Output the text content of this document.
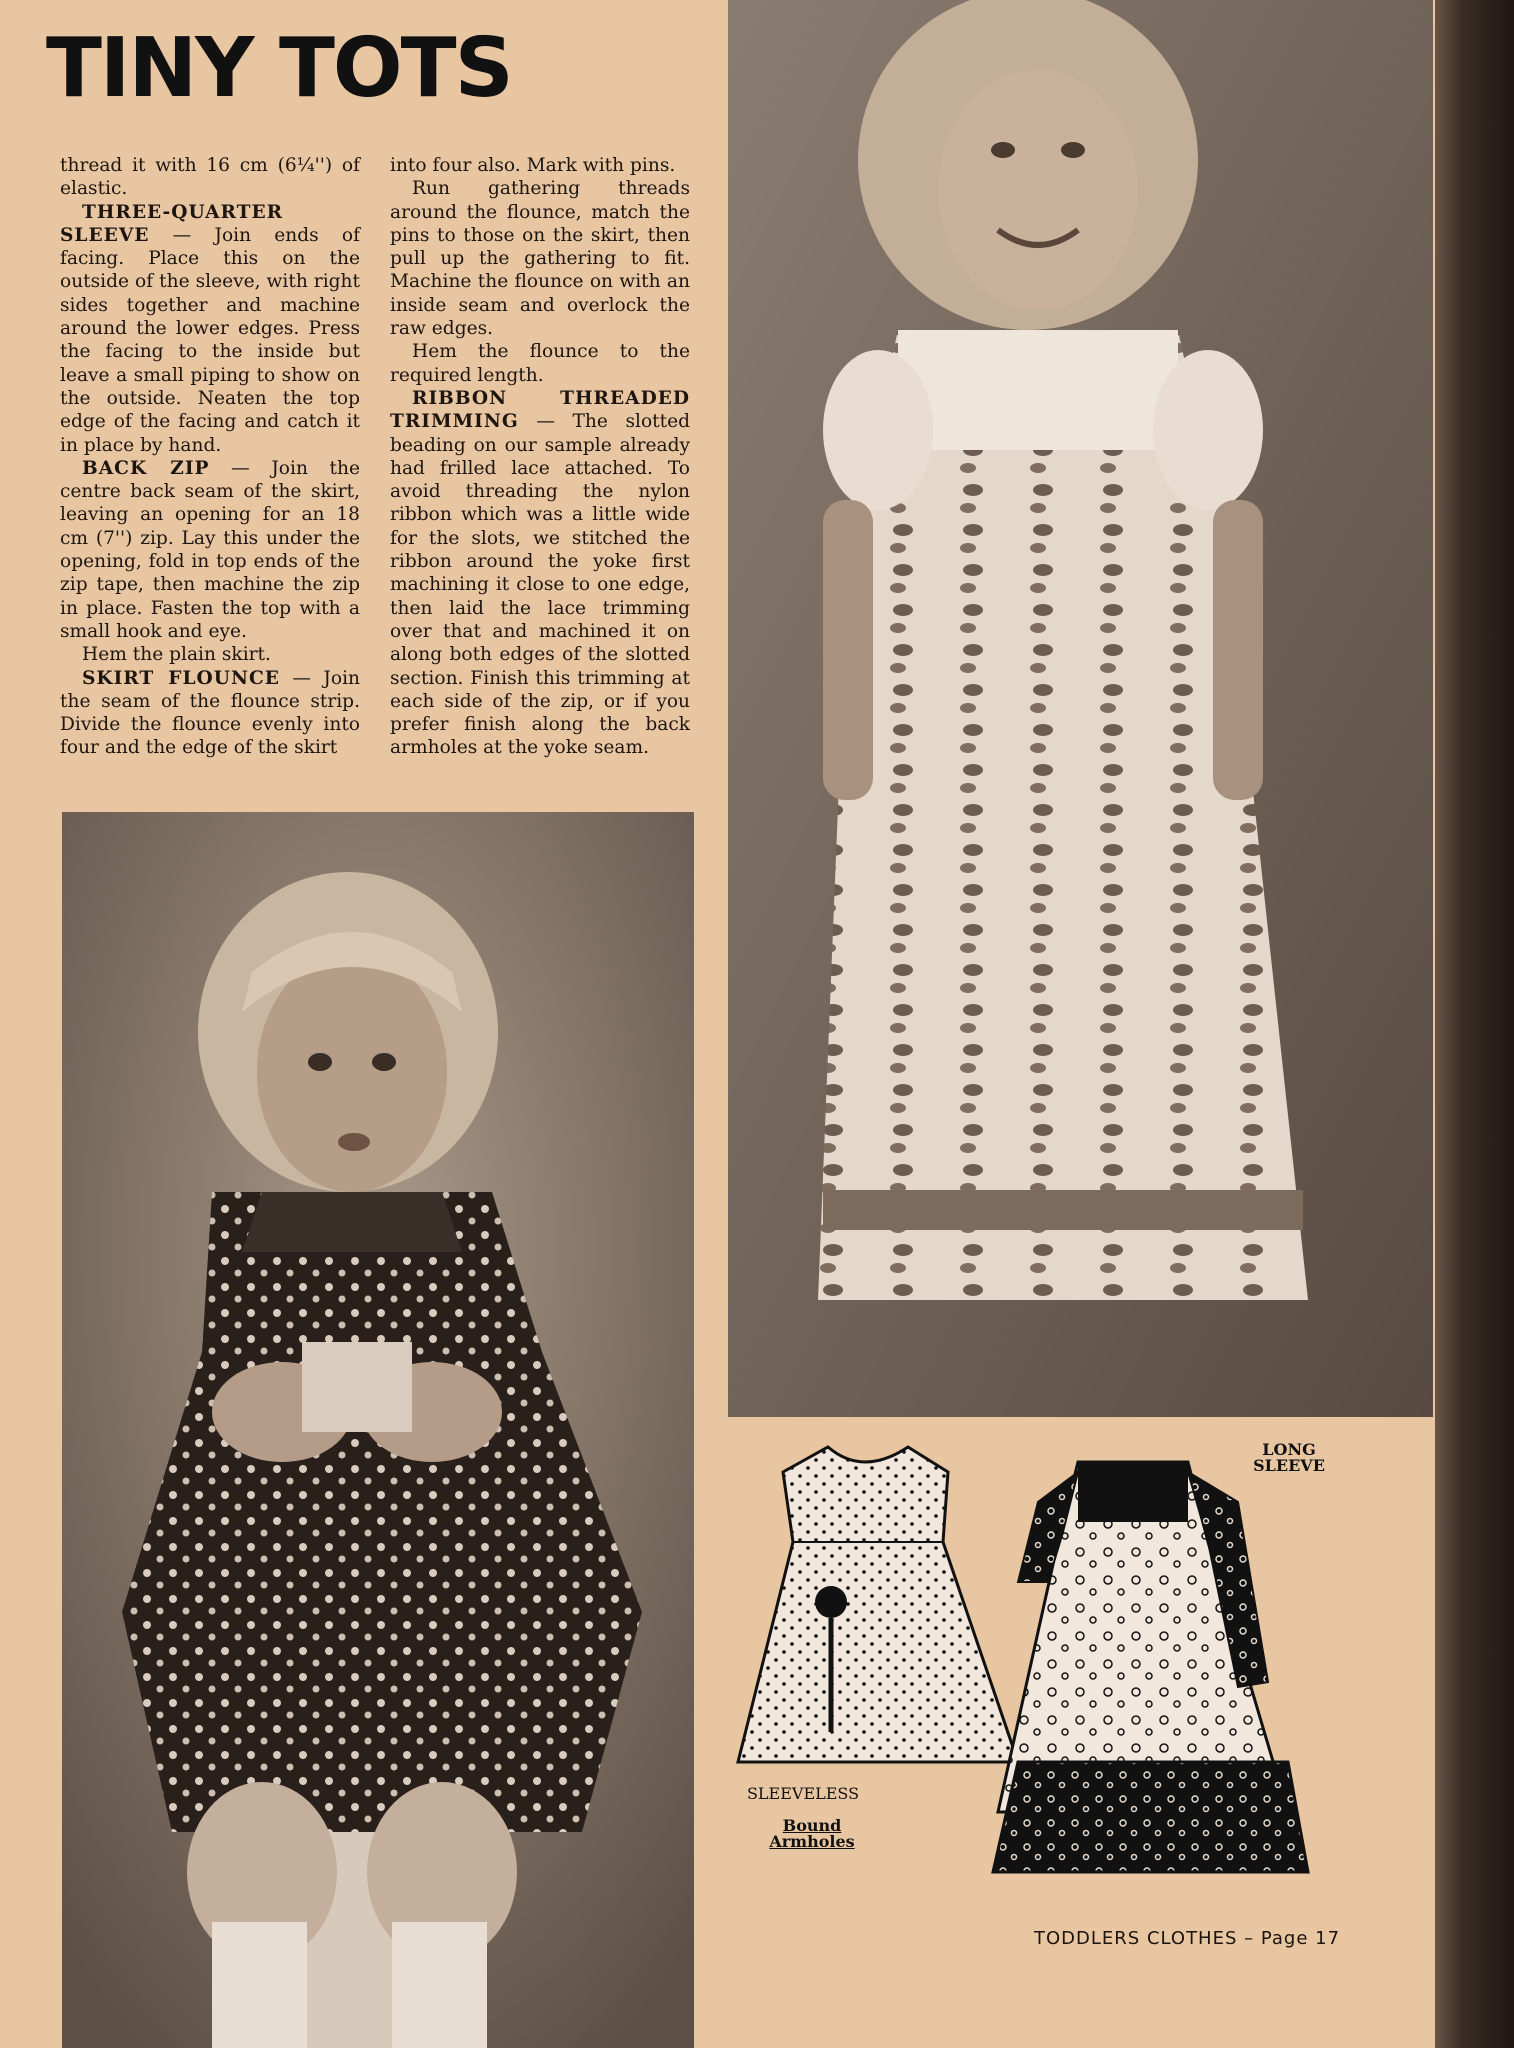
TINY TOTS

thread it with 16 cm (6¼'') of elastic.

THREE-QUARTER SLEEVE — Join ends of facing. Place this on the outside of the sleeve, with right sides together and machine around the lower edges. Press the facing to the inside but leave a small piping to show on the outside. Neaten the top edge of the facing and catch it in place by hand.

BACK ZIP — Join the centre back seam of the skirt, leaving an opening for an 18 cm (7'') zip. Lay this under the opening, fold in top ends of the zip tape, then machine the zip in place. Fasten the top with a small hook and eye.

Hem the plain skirt.

SKIRT FLOUNCE — Join the seam of the flounce strip. Divide the flounce evenly into four and the edge of the skirt

into four also. Mark with pins.

Run gathering threads around the flounce, match the pins to those on the skirt, then pull up the gathering to fit. Machine the flounce on with an inside seam and overlock the raw edges.

Hem the flounce to the required length.

RIBBON THREADED TRIMMING — The slotted beading on our sample already had frilled lace attached. To avoid threading the nylon ribbon which was a little wide for the slots, we stitched the ribbon around the yoke first machining it close to one edge, then laid the lace trimming over that and machined it on along both edges of the slotted section. Finish this trimming at each side of the zip, or if you prefer finish along the back armholes at the yoke seam.

LONG SLEEVE
SLEEVELESS
Bound Armholes
TODDLERS CLOTHES – Page 17
